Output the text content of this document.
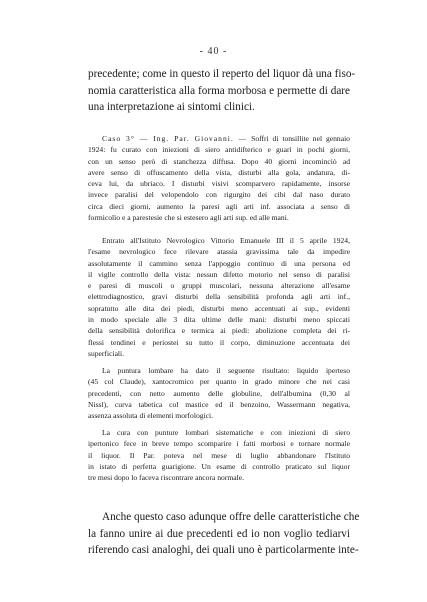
- 40 -
precedente; come in questo il reperto del liquor dà una fiso-
nomia caratteristica alla forma morbosa e permette di dare
una interpretazione ai sintomi clinici.
Caso 3° — Ing. Par. Giovanni. — Soffri di tonsillite nel gennaio
1924: fu curato con iniezioni di siero antidifterico e guarì in pochi giorni,
con un senso però di stanchezza diffusa. Dopo 40 giorni incominciò ad
avere senso di offuscamento della vista, disturbi alla gola, andatura, di-
ceva lui, da ubriaco. I disturbi visivi scomparvero rapidamente, insorse
invece paralisi del velopendolo con rigurgito dei cibi dal naso durato
circa dieci giorni, aumento la paresi agli arti inf. associata a senso di
formicolìo e a parestesie che si estesero agli arti sup. ed alle mani.
Entrato all'Istituto Nevrologico Vittorio Emanuele III il 5 aprile 1924,
l'esame nevrologico fece rilevare atassia gravissima tale da impedire
assolutamente il cammino senza l'appoggio continuo di una persona ed
il viglle controllo della vista: nessun difetto motorio nel senso di paralisi
e paresi di muscoli o gruppi muscolari, nessuna alterazione all'esame
elettrodiagnostico, gravi disturbi della sensibilità profonda agli arti inf.,
sopratutto alle dita dei piedi, disturbi meno accentuati ai sup., evidenti
in modo speciale alle 3 dita ultime delle mani: disturbi meno spiccati
della sensibilità dolorifica e termica ai piedi: abolizione completa dei ri-
flessi tendinei e periostei su tutto il corpo, diminuzione accentuata dei
superficiali.
La puntura lombare ha dato il seguente risultato: liquido iperteso
(45 col Claude), xantocromico per quanto in grado minore che nei casi
precedenti, con netto aumento delle globuline, dell'albumina (0,30 al
Nissl), curva tabetica col mastice ed il benzoino, Wassermann negativa,
assenza assoluta di elementi morfologici.
La cura con punture lombari sistematiche e con iniezioni di siero
ipertonico fece in breve tempo scomparire i fatti morbosi e tornare normale
il liquor. Il Par. poteva nel mese di luglio abbandonare l'Istituto
in istato di perfetta guarigione. Un esame di controllo praticato sul liquor
tre mesi dopo lo faceva riscontrare ancora normale.
Anche questo caso adunque offre delle caratteristiche che
la fanno unire ai due precedenti ed io non voglio tediarvi
riferendo casi analoghi, dei quali uno è particolarmente inte-
